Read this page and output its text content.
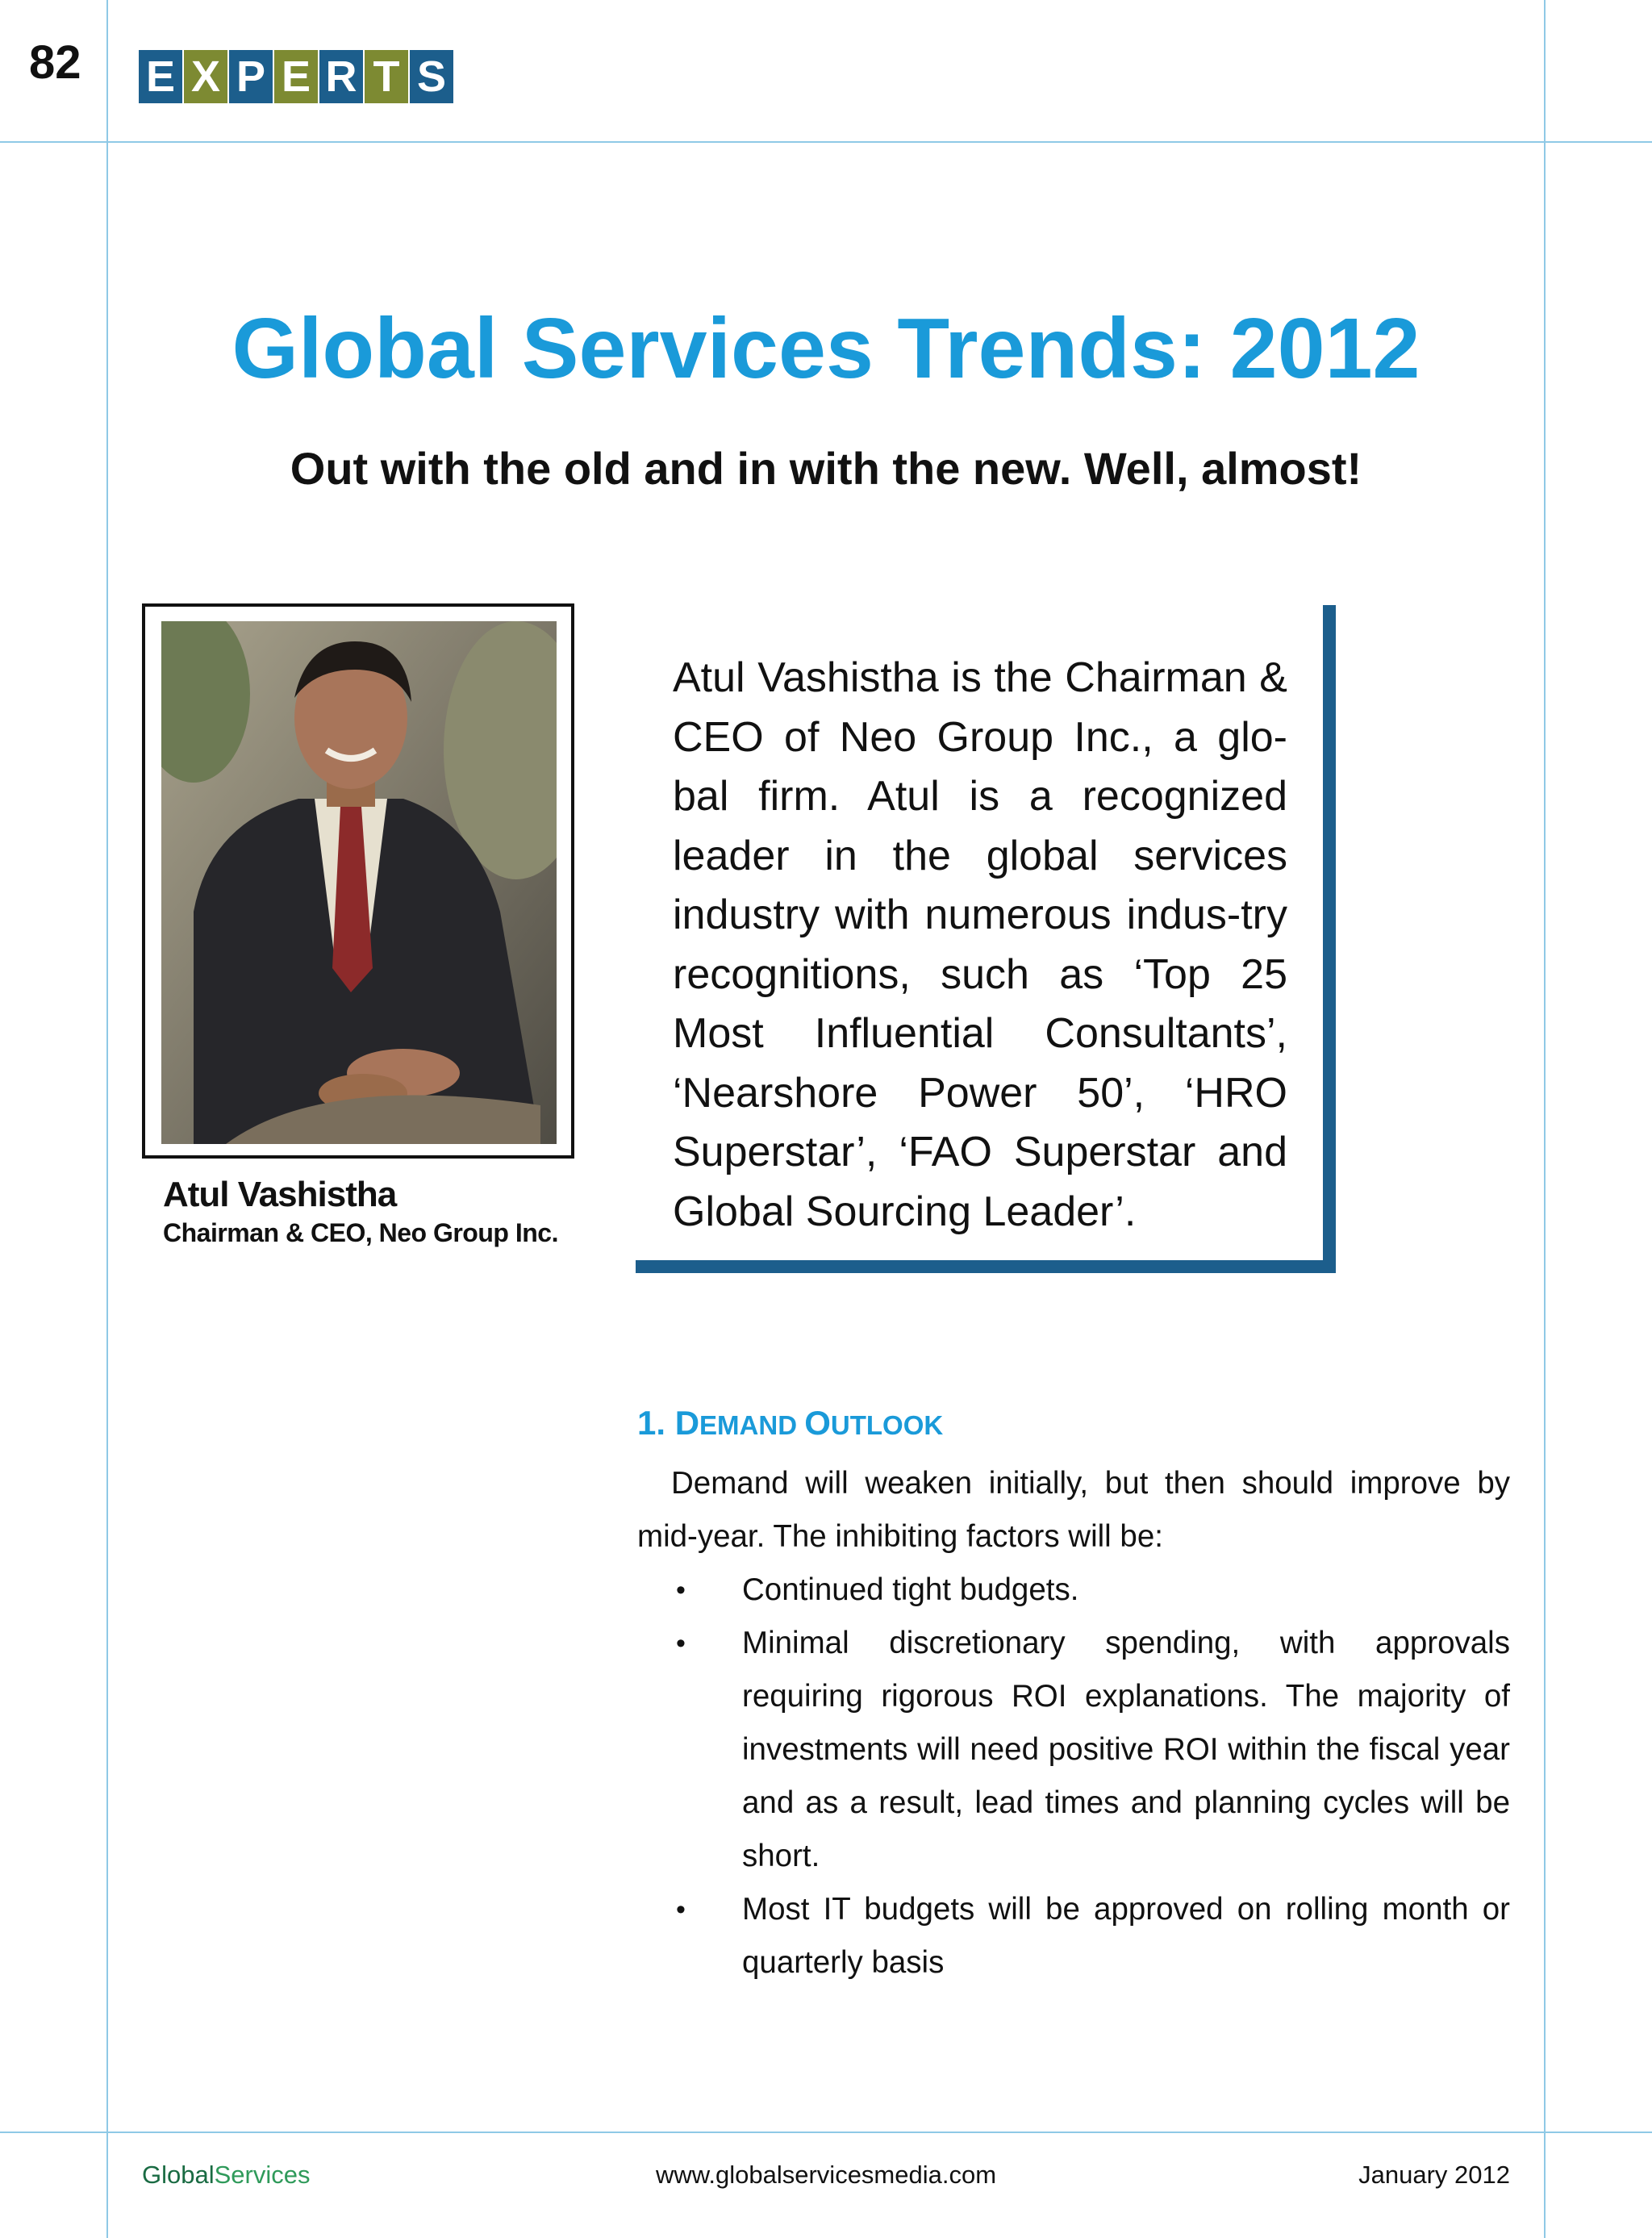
82 E X P E R T S
Global Services Trends: 2012
Out with the old and in with the new. Well, almost!
Atul Vashistha
Chairman & CEO, Neo Group Inc.
Atul Vashistha is the Chairman & CEO of Neo Group Inc., a glo-bal firm. Atul is a recognized leader in the global services industry with numerous indus-try recognitions, such as ‘Top 25 Most Influential Consultants’, ‘Nearshore Power 50’, ‘HRO Superstar’, ‘FAO Superstar and Global Sourcing Leader’.
1. DEMAND OUTLOOK
Demand will weaken initially, but then should improve by mid-year. The inhibiting factors will be:
• Continued tight budgets.
• Minimal discretionary spending, with approvals requiring rigorous ROI explanations. The majority of investments will need positive ROI within the fiscal year and as a result, lead times and planning cycles will be short.
• Most IT budgets will be approved on rolling month or quarterly basis
GlobalServices	www.globalservicesmedia.com	January 2012
